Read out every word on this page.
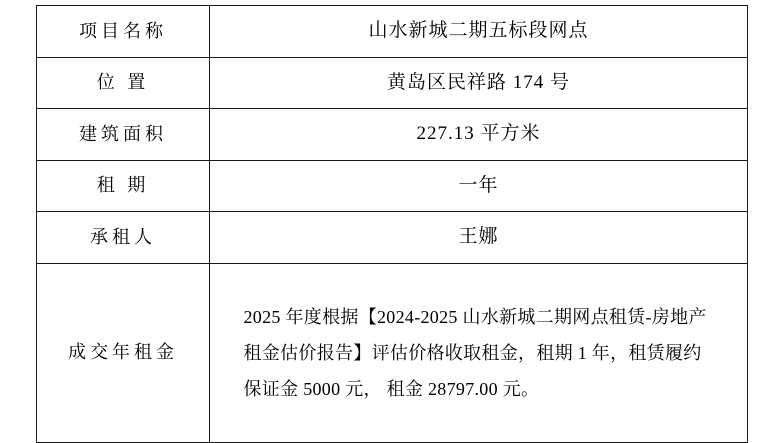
项目名称	山水新城二期五标段网点

位 置	黄岛区民祥路 174 号

建筑面积	227.13 平方米

租 期	一年

承租人	王娜

成交年租金	2025 年度根据【2024-2025 山水新城二期网点租赁-房地产租金估价报告】评估价格收取租金，租期 1 年，租赁履约保证金 5000 元， 租金 28797.00 元。
